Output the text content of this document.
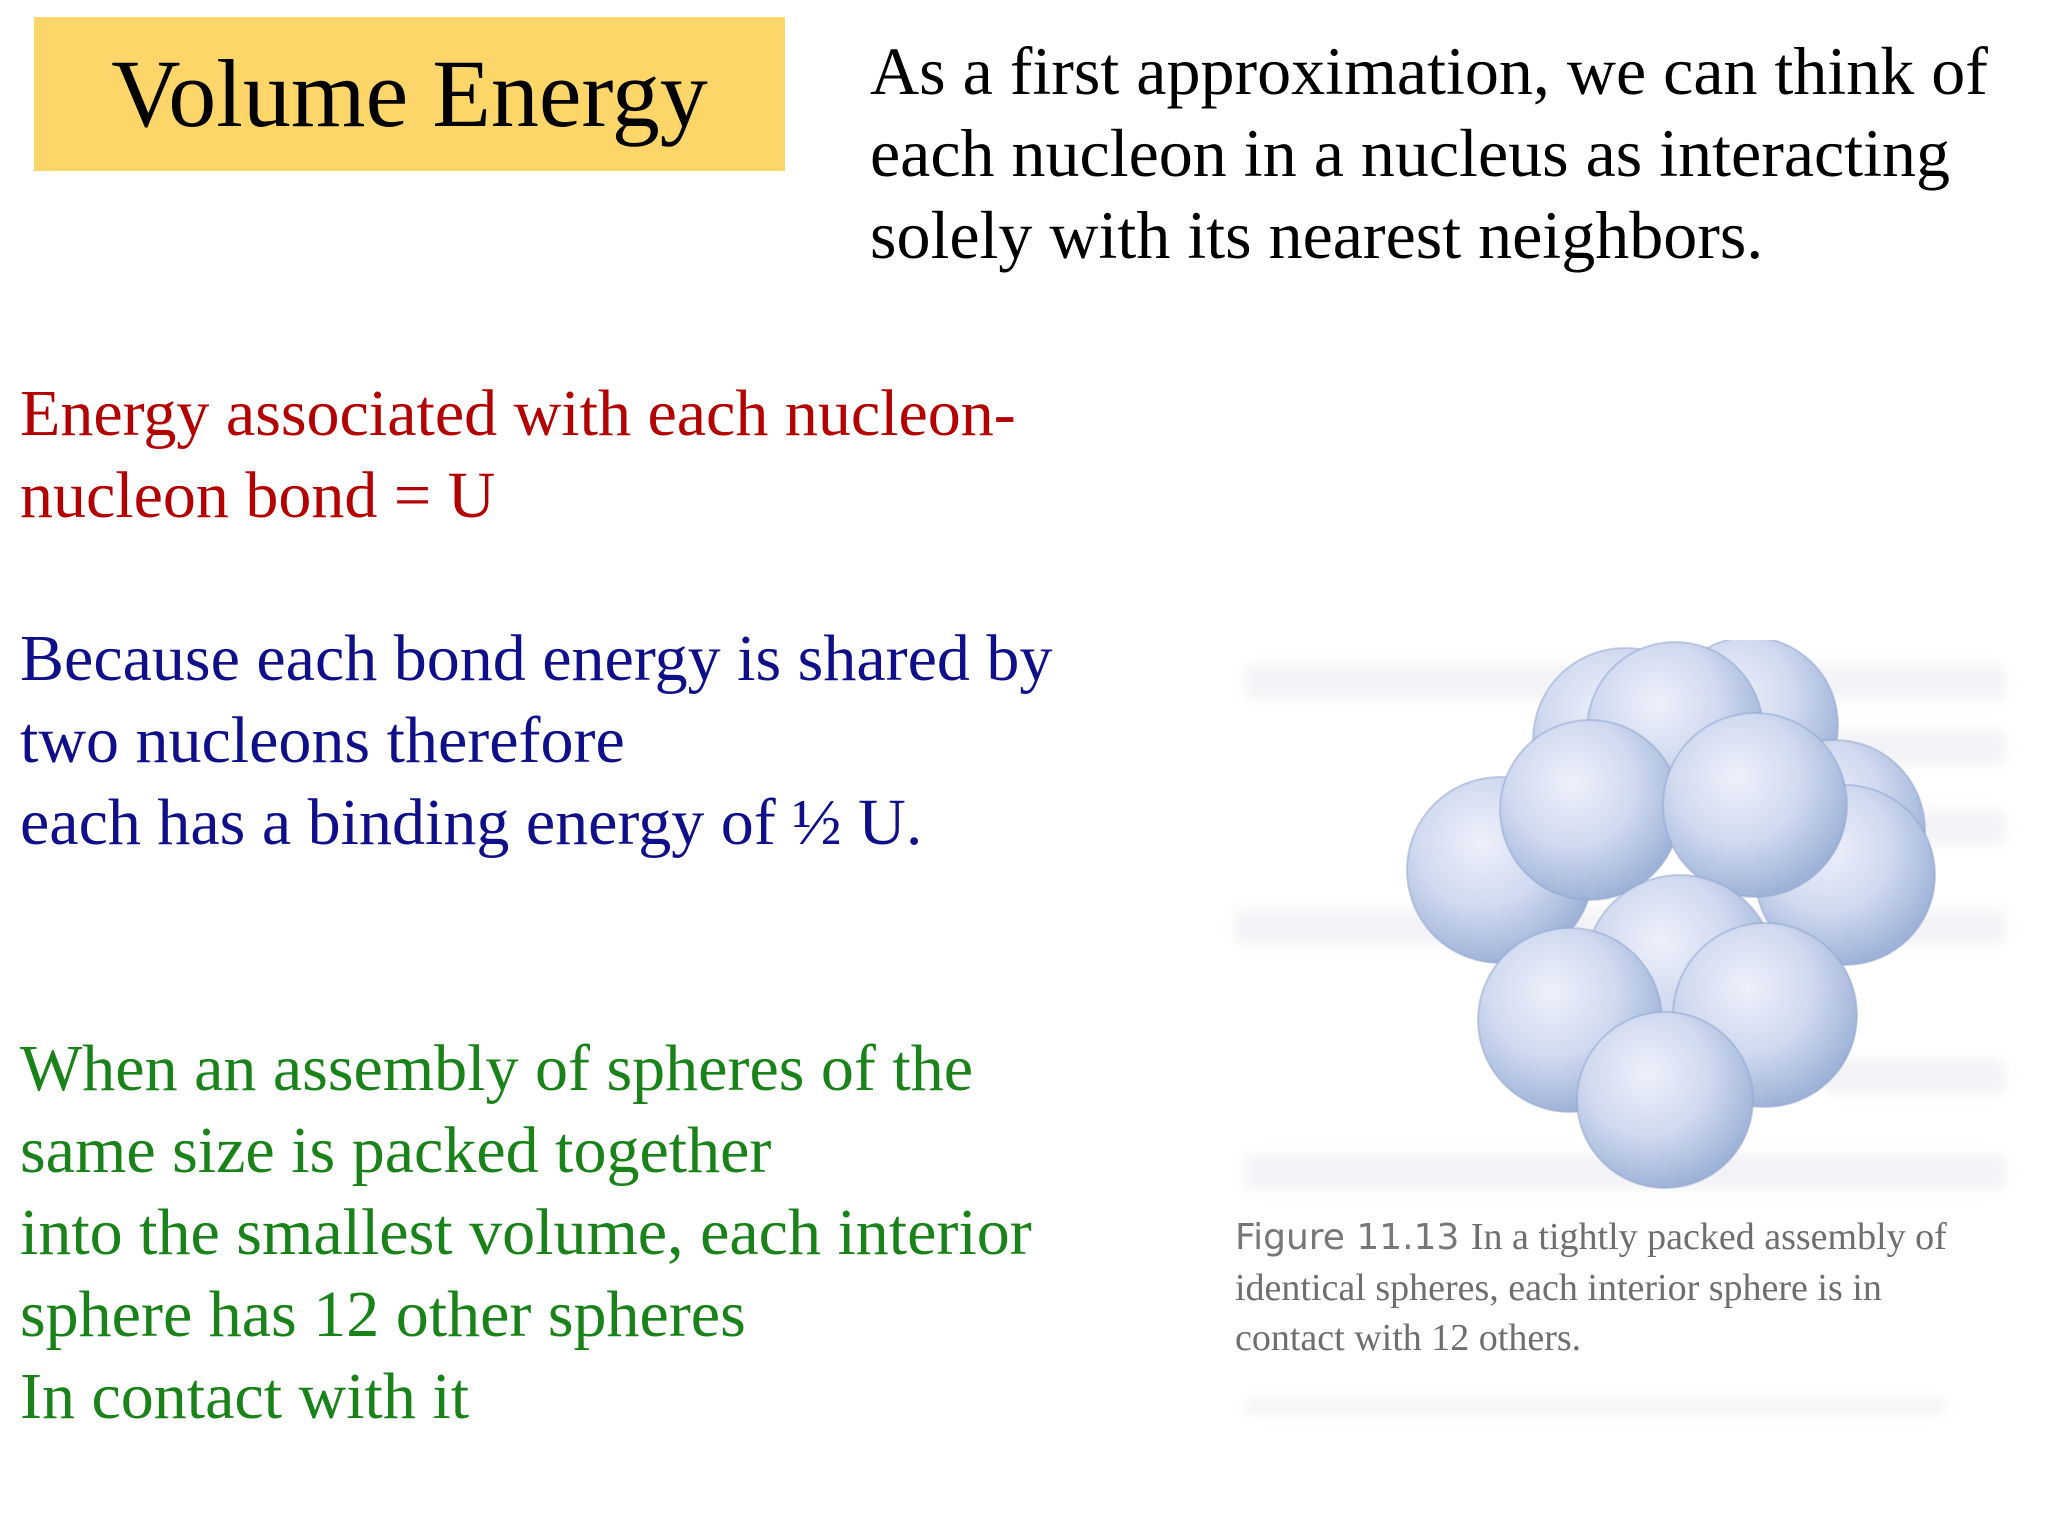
Volume Energy As a first approximation, we can think of
each nucleon in a nucleus as interacting
solely with its nearest neighbors.
Energy associated with each nucleon-
nucleon bond = U
Because each bond energy is shared by
two nucleons therefore
each has a binding energy of ½ U.
When an assembly of spheres of the
same size is packed together
into the smallest volume, each interior
sphere has 12 other spheres
In contact with it
Figure 11.13 In a tightly packed assembly of
identical spheres, each interior sphere is in
contact with 12 others.
